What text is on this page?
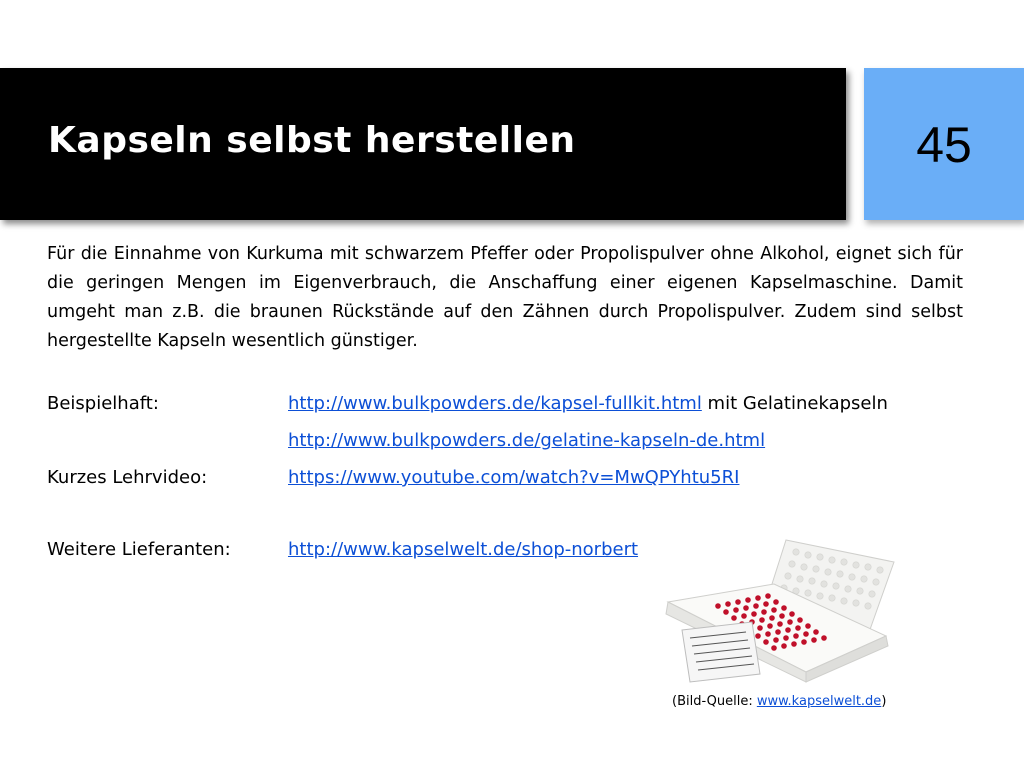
Kapseln selbst herstellen	45
Für die Einnahme von Kurkuma mit schwarzem Pfeffer oder Propolispulver ohne Alkohol, eignet sich für die geringen Mengen im Eigenverbrauch, die Anschaffung einer eigenen Kapselmaschine. Damit umgeht man z.B. die braunen Rückstände auf den Zähnen durch Propolispulver. Zudem sind selbst hergestellte Kapseln wesentlich günstiger.
Beispielhaft:	http://www.bulkpowders.de/kapsel-fullkit.html mit Gelatinekapseln
http://www.bulkpowders.de/gelatine-kapseln-de.html
Kurzes Lehrvideo:	https://www.youtube.com/watch?v=MwQPYhtu5RI
Weitere Lieferanten:	http://www.kapselwelt.de/shop-norbert
(Bild-Quelle: www.kapselwelt.de)
